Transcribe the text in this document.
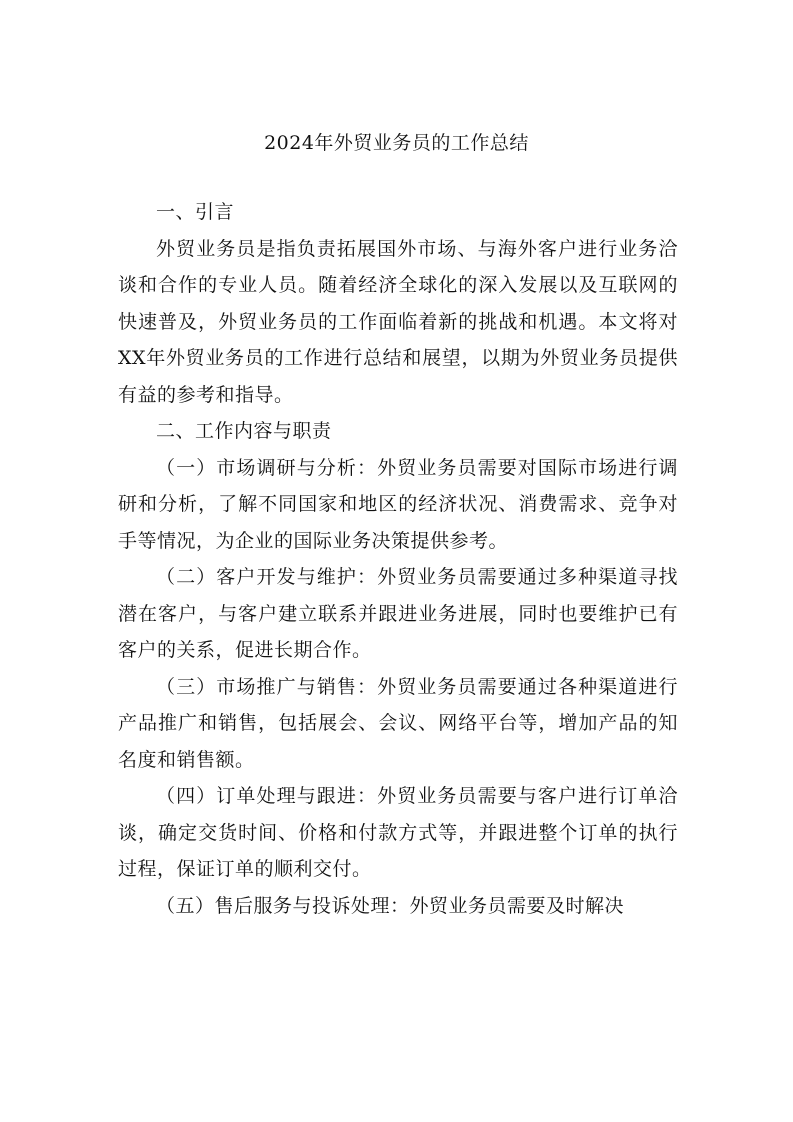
2024年外贸业务员的工作总结

一、引言

外贸业务员是指负责拓展国外市场、与海外客户进行业务洽谈和合作的专业人员。随着经济全球化的深入发展以及互联网的快速普及，外贸业务员的工作面临着新的挑战和机遇。本文将对XX年外贸业务员的工作进行总结和展望，以期为外贸业务员提供有益的参考和指导。

二、工作内容与职责

（一）市场调研与分析：外贸业务员需要对国际市场进行调研和分析，了解不同国家和地区的经济状况、消费需求、竞争对手等情况，为企业的国际业务决策提供参考。

（二）客户开发与维护：外贸业务员需要通过多种渠道寻找潜在客户，与客户建立联系并跟进业务进展，同时也要维护已有客户的关系，促进长期合作。

（三）市场推广与销售：外贸业务员需要通过各种渠道进行产品推广和销售，包括展会、会议、网络平台等，增加产品的知名度和销售额。

（四）订单处理与跟进：外贸业务员需要与客户进行订单洽谈，确定交货时间、价格和付款方式等，并跟进整个订单的执行过程，保证订单的顺利交付。

（五）售后服务与投诉处理：外贸业务员需要及时解决
